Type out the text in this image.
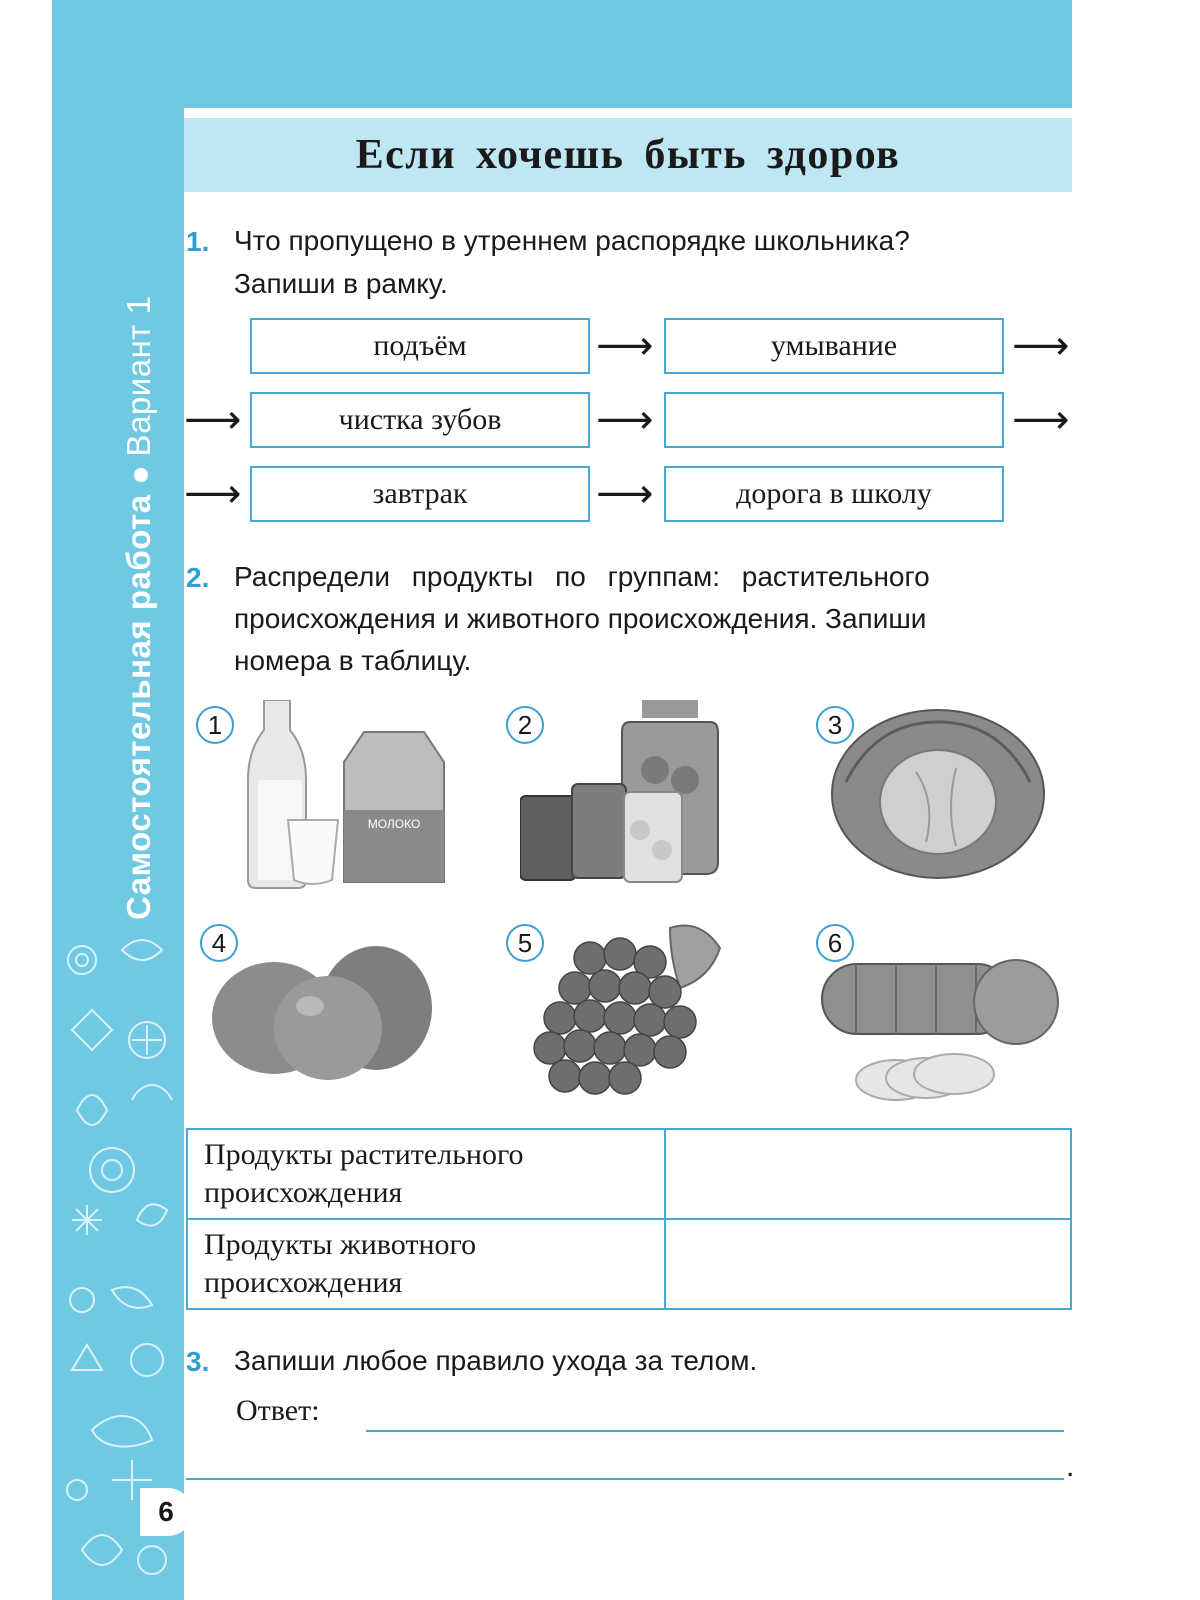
Самостоятельная работаВариант 1
Если хочешь быть здоров
1. Что пропущено в утреннем распорядке школьника?
Запиши в рамку.
подъём	⟶	умывание	⟶
⟶	чистка зубов	⟶	⟶
⟶	завтрак	⟶	дорога в школу
2. Распредели продукты по группам: растительного
происхождения и животного происхождения. Запиши
номера в таблицу.
МОЛОКО
1	2	3
4	5	6
Продукты растительного
происхождения	

Продукты животного
происхождения	

3. Запиши любое правило ухода за телом.
Ответ:
.
6
